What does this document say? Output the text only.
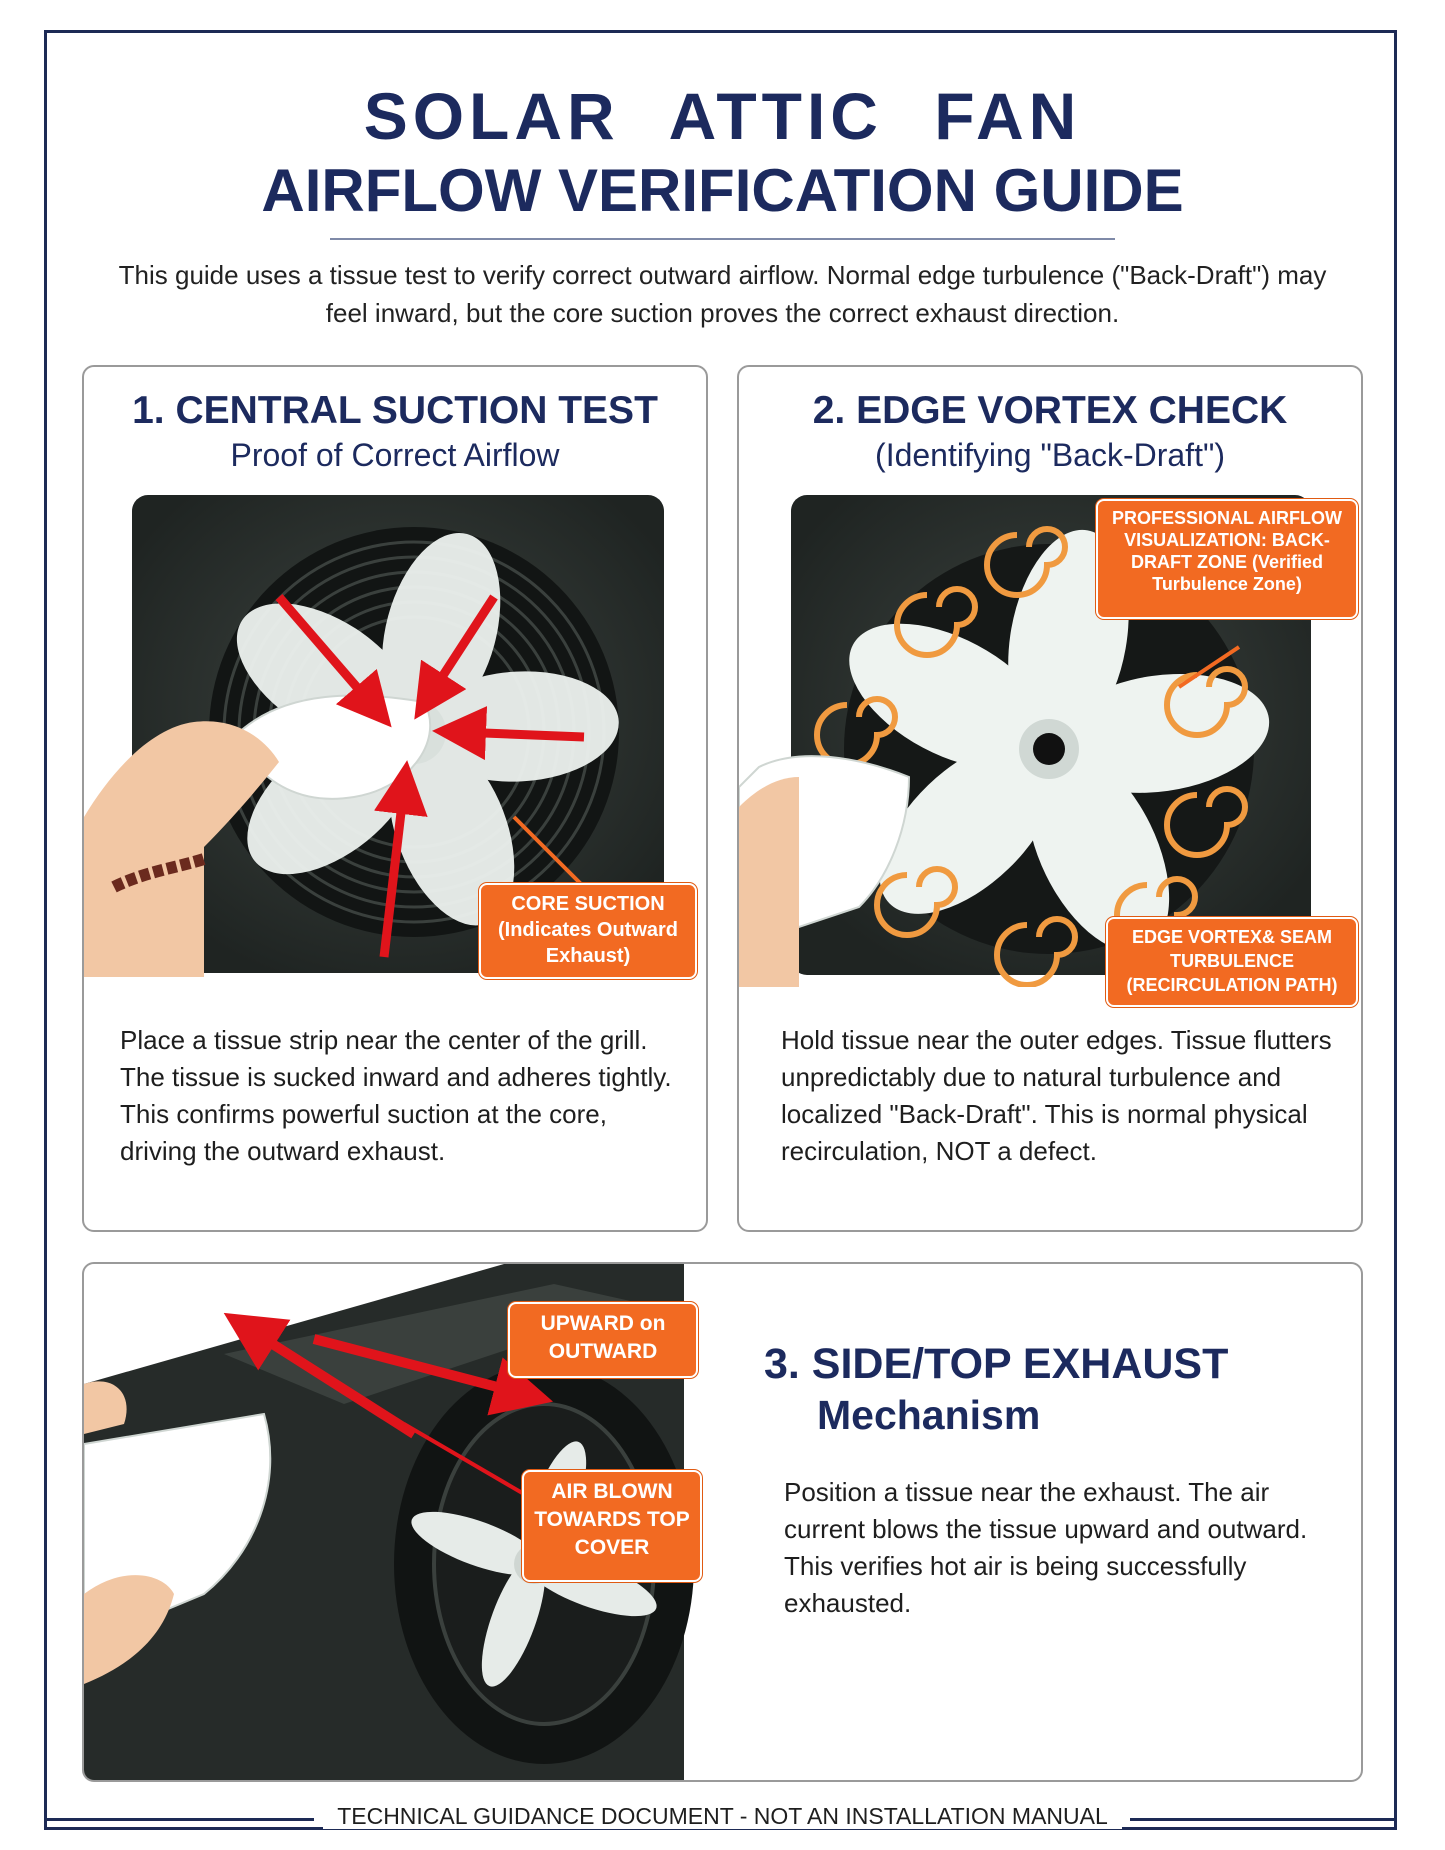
SOLAR ATTIC FAN
AIRFLOW VERIFICATION GUIDE
This guide uses a tissue test to verify correct outward airflow. Normal edge turbulence ("Back-Draft") may feel inward, but the core suction proves the correct exhaust direction.
1. CENTRAL SUCTION TEST
Proof of Correct Airflow
CORE SUCTION (Indicates Outward Exhaust)
Place a tissue strip near the center of the grill. The tissue is sucked inward and adheres tightly. This confirms powerful suction at the core, driving the outward exhaust.
2. EDGE VORTEX CHECK
(Identifying "Back-Draft")
PROFESSIONAL AIRFLOW VISUALIZATION: BACK-DRAFT ZONE (Verified Turbulence Zone)
EDGE VORTEX& SEAM TURBULENCE (RECIRCULATION PATH)
Hold tissue near the outer edges. Tissue flutters unpredictably due to natural turbulence and localized "Back-Draft". This is normal physical recirculation, NOT a defect.
UPWARD on OUTWARD
AIR BLOWN TOWARDS TOP COVER
3. SIDE/TOP EXHAUST
Mechanism
Position a tissue near the exhaust. The air current blows the tissue upward and outward. This verifies hot air is being successfully exhausted.
TECHNICAL GUIDANCE DOCUMENT - NOT AN INSTALLATION MANUAL
